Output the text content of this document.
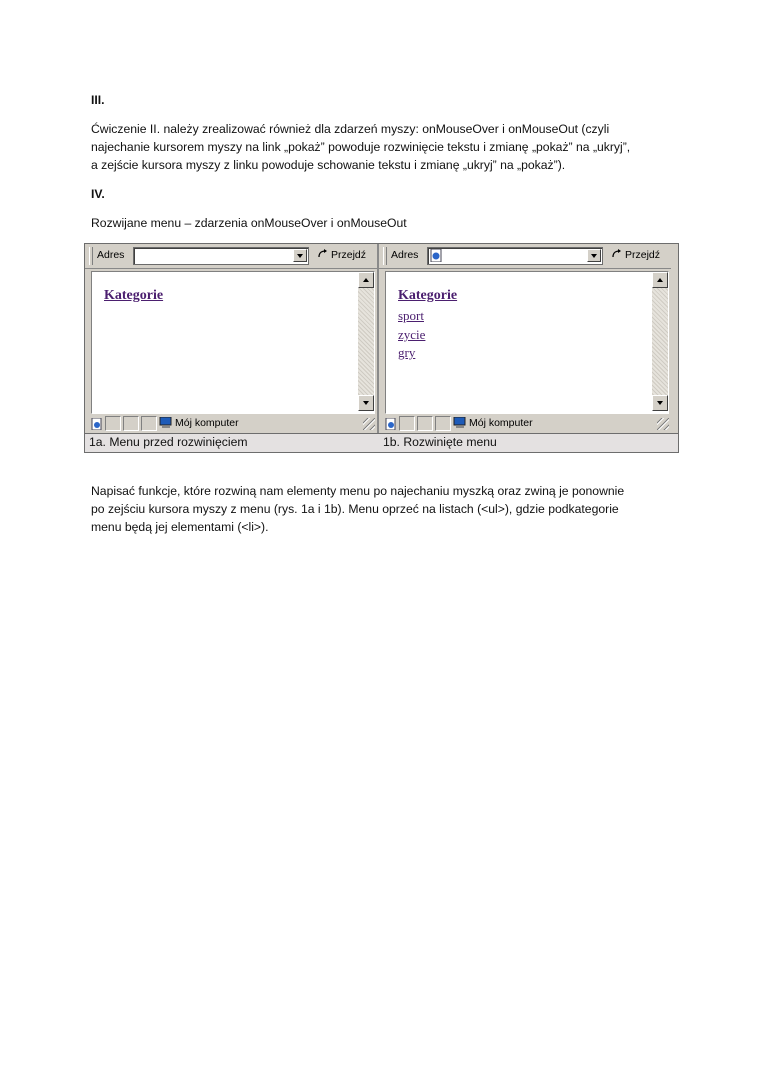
III.
Ćwiczenie II. należy zrealizować również dla zdarzeń myszy: onMouseOver i onMouseOut (czyli
najechanie kursorem myszy na link „pokaż” powoduje rozwinięcie tekstu i zmianę „pokaż” na „ukryj”,
a zejście kursora myszy z linku powoduje schowanie tekstu i zmianę „ukryj” na „pokaż”).
IV.
Rozwijane menu – zdarzenia onMouseOver i onMouseOut
Adres	Przejdź
Kategorie
Mój komputer
Adres	Przejdź
Kategorie
sport
zycie
gry
Mój komputer
1a. Menu przed rozwinięciem	1b. Rozwinięte menu
Napisać funkcje, które rozwiną nam elementy menu po najechaniu myszką oraz zwiną je ponownie
po zejściu kursora myszy z menu (rys. 1a i 1b). Menu oprzeć na listach (<ul>), gdzie podkategorie
menu będą jej elementami (<li>).
